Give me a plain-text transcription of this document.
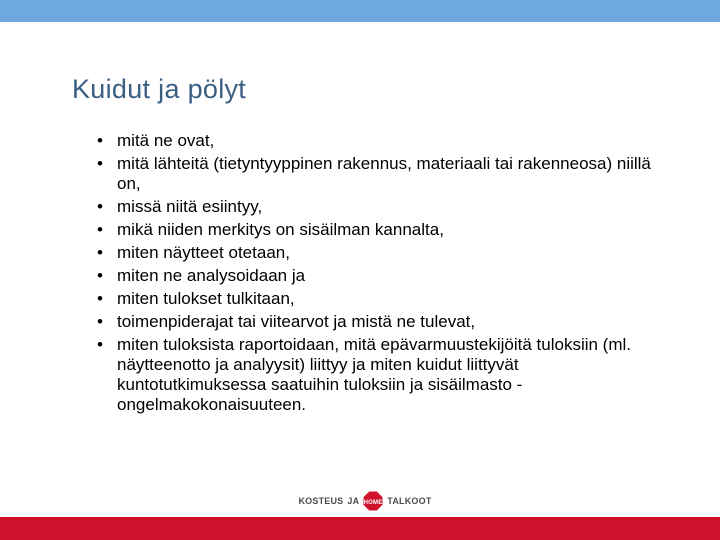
Kuidut ja pölyt
• mitä ne ovat,
• mitä lähteitä (tietyntyyppinen rakennus, materiaali tai rakenneosa) niillä on,
• missä niitä esiintyy,
• mikä niiden merkitys on sisäilman kannalta,
• miten näytteet otetaan,
• miten ne analysoidaan ja
• miten tulokset tulkitaan,
• toimenpiderajat tai viitearvot ja mistä ne tulevat,
• miten tuloksista raportoidaan, mitä epävarmuustekijöitä tuloksiin (ml. näytteenotto ja analyysit) liittyy ja miten kuidut liittyvät kuntotutkimuksessa saatuihin tuloksiin ja sisäilmasto -ongelmakokonaisuuteen.
KOSTEUS JA HOME TALKOOT
